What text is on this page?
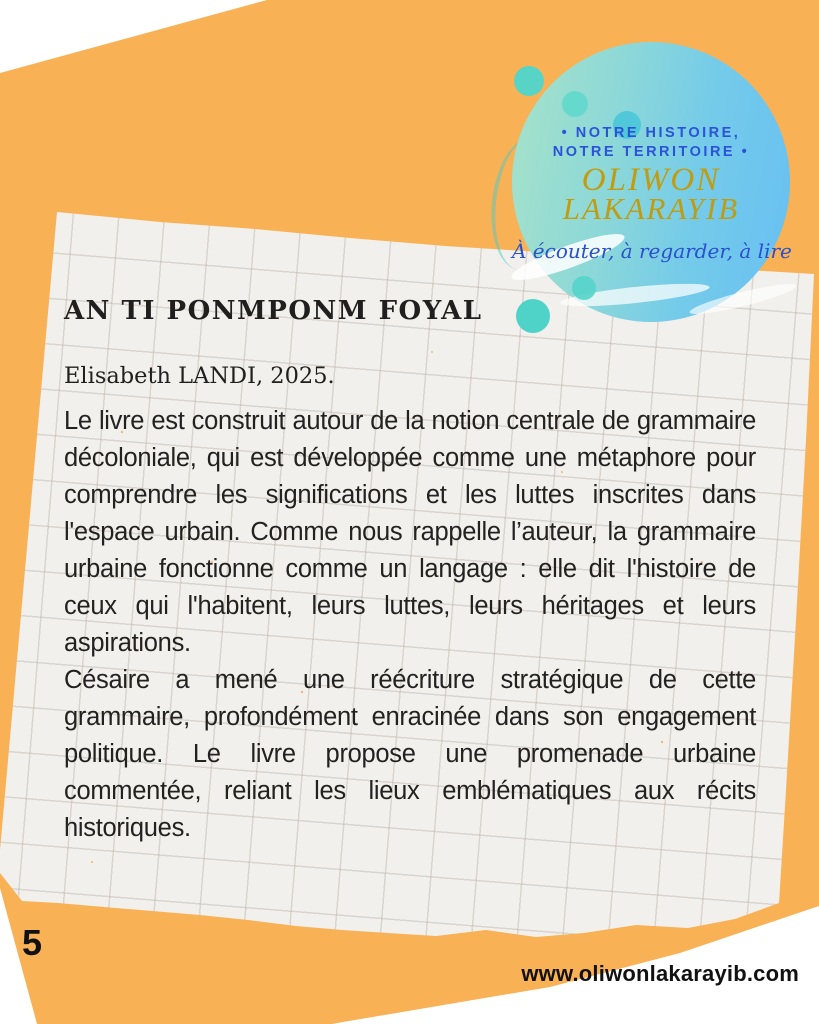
AN TI PONMPONM FOYAL
Elisabeth LANDI, 2025.

Le livre est construit autour de la notion centrale de grammaire décoloniale, qui est développée comme une métaphore pour comprendre les significations et les luttes inscrites dans l'espace urbain. Comme nous rappelle l’auteur, la grammaire urbaine fonctionne comme un langage : elle dit l'histoire de ceux qui l'habitent, leurs luttes, leurs héritages et leurs aspirations.

Césaire a mené une réécriture stratégique de cette grammaire, profondément enracinée dans son engagement politique. Le livre propose une promenade urbaine commentée, reliant les lieux emblématiques aux récits historiques.

• NOTRE HISTOIRE,
NOTRE TERRITOIRE •
OLIWON
LAKARAYIB
À écouter, à regarder, à lire
5
www.oliwonlakarayib.com
